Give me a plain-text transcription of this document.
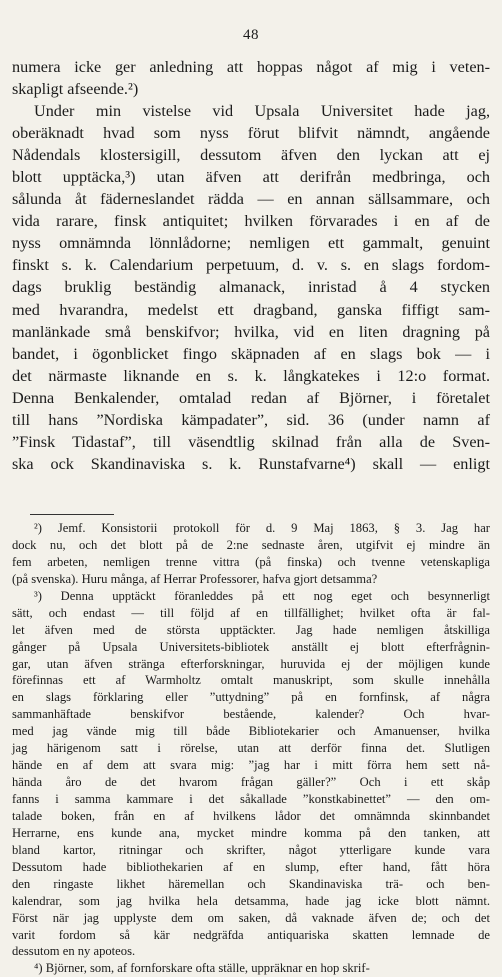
48
numera icke ger anledning att hoppas något af mig i veten-
skapligt afseende.²)
Under min vistelse vid Upsala Universitet hade jag,
oberäknadt hvad som nyss förut blifvit nämndt, angående
Nådendals klostersigill, dessutom äfven den lyckan att ej
blott upptäcka,³) utan äfven att derifrån medbringa, och
sålunda åt fäderneslandet rädda — en annan sällsammare, och
vida rarare, finsk antiquitet; hvilken förvarades i en af de
nyss omnämnda lönnlådorne; nemligen ett gammalt, genuint
finskt s. k. Calendarium perpetuum, d. v. s. en slags fordom-
dags bruklig beständig almanack, inristad å 4 stycken
med hvarandra, medelst ett dragband, ganska fiffigt sam-
manlänkade små benskifvor; hvilka, vid en liten dragning på
bandet, i ögonblicket fingo skäpnaden af en slags bok — i
det närmaste liknande en s. k. långkatekes i 12:o format.
Denna Benkalender, omtalad redan af Björner, i företalet
till hans ”Nordiska kämpadater”, sid. 36 (under namn af
”Finsk Tidastaf”, till väsendtlig skilnad från alla de Sven-
ska ock Skandinaviska s. k. Runstafvarne⁴) skall — enligt
²) Jemf. Konsistorii protokoll för d. 9 Maj 1863, § 3. Jag har
dock nu, och det blott på de 2:ne sednaste åren, utgifvit ej mindre än
fem arbeten, nemligen trenne vittra (på finska) och tvenne vetenskapliga
(på svenska). Huru många, af Herrar Professorer, hafva gjort detsamma?
³) Denna upptäckt föranleddes på ett nog eget och besynnerligt
sätt, och endast — till följd af en tillfällighet; hvilket ofta är fal-
let äfven med de största upptäckter. Jag hade nemligen åtskilliga
gånger på Upsala Universitets-bibliotek anställt ej blott efterfrågnin-
gar, utan äfven stränga efterforskningar, huruvida ej der möjligen kunde
förefinnas ett af Warmholtz omtalt manuskript, som skulle innehålla
en slags förklaring eller ”uttydning” på en fornfinsk, af några
sammanhäftade benskifvor bestående, kalender? Och hvar-
med jag vände mig till både Bibliotekarier och Amanuenser, hvilka
jag härigenom satt i rörelse, utan att derför finna det. Slutligen
hände en af dem att svara mig: ”jag har i mitt förra hem sett nå-
hända åro de det hvarom frågan gäller?” Och i ett skåp
fanns i samma kammare i det såkallade ”konstkabinettet” — den om-
talade boken, från en af hvilkens lådor det omnämnda skinnbandet
Herrarne, ens kunde ana, mycket mindre komma på den tanken, att
bland kartor, ritningar och skrifter, något ytterligare kunde vara
Dessutom hade bibliothekarien af en slump, efter hand, fått höra
den ringaste likhet häremellan och Skandinaviska trä- och ben-
kalendrar, som jag hvilka hela detsamma, hade jag icke blott nämnt.
Först när jag upplyste dem om saken, då vaknade äfven de; och det
varit fordom så kär nedgräfda antiquariska skatten lemnade de
dessutom en ny apoteos.
⁴) Björner, som, af fornforskare ofta ställe, uppräknar en hop skrif-
